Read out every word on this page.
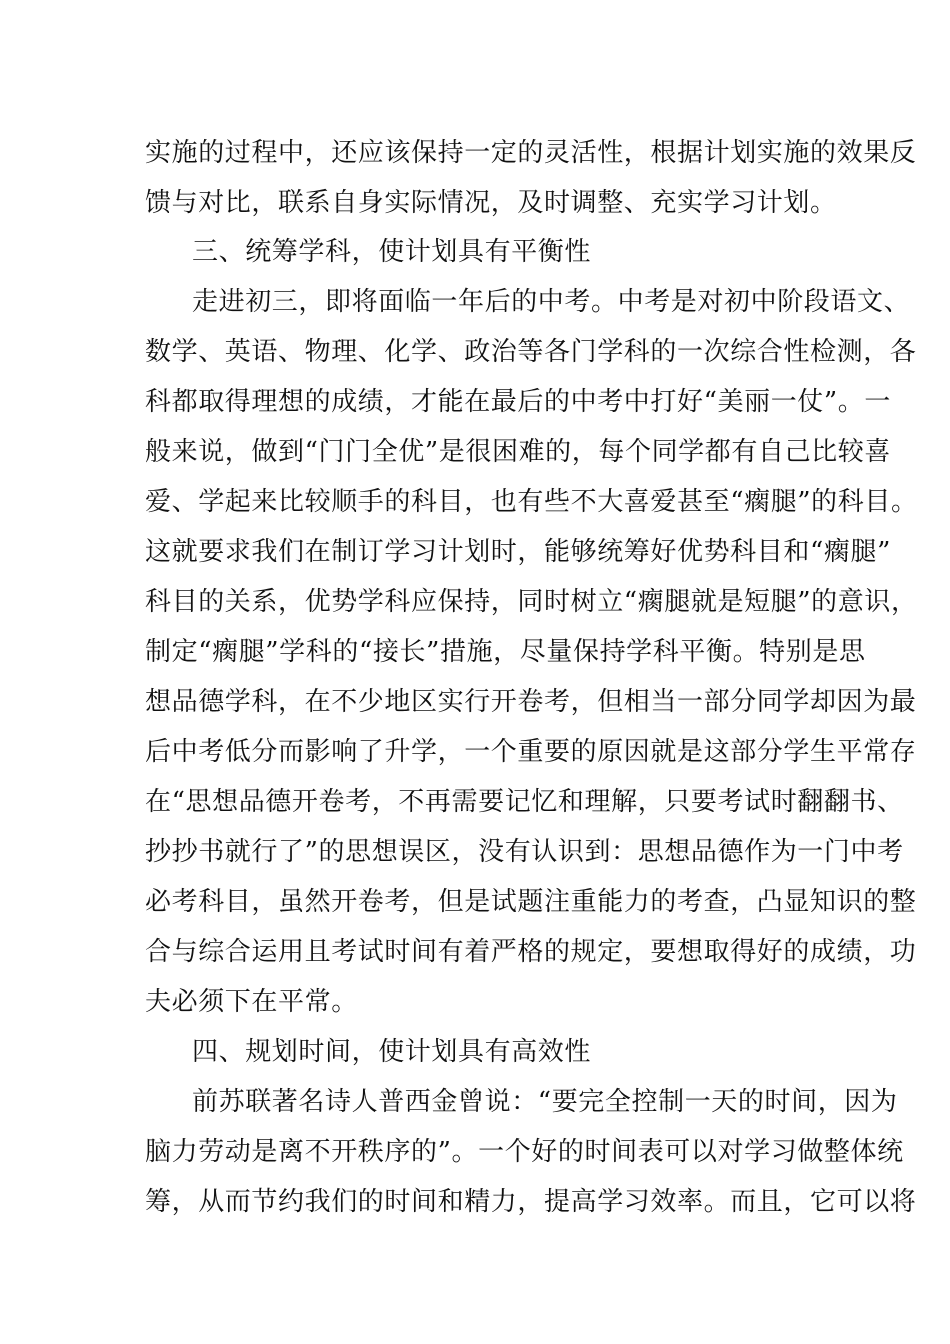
实施的过程中，还应该保持一定的灵活性，根据计划实施的效果反
馈与对比，联系自身实际情况，及时调整、充实学习计划。
三、统筹学科，使计划具有平衡性
走进初三，即将面临一年后的中考。中考是对初中阶段语文、
数学、英语、物理、化学、政治等各门学科的一次综合性检测，各
科都取得理想的成绩，才能在最后的中考中打好“美丽一仗”。一
般来说，做到“门门全优”是很困难的，每个同学都有自己比较喜
爱、学起来比较顺手的科目，也有些不大喜爱甚至“瘸腿”的科目。
这就要求我们在制订学习计划时，能够统筹好优势科目和“瘸腿”
科目的关系，优势学科应保持，同时树立“瘸腿就是短腿”的意识，
制定“瘸腿”学科的“接长”措施，尽量保持学科平衡。特别是思
想品德学科，在不少地区实行开卷考，但相当一部分同学却因为最
后中考低分而影响了升学，一个重要的原因就是这部分学生平常存
在“思想品德开卷考，不再需要记忆和理解，只要考试时翻翻书、
抄抄书就行了”的思想误区，没有认识到：思想品德作为一门中考
必考科目，虽然开卷考，但是试题注重能力的考查，凸显知识的整
合与综合运用且考试时间有着严格的规定，要想取得好的成绩，功
夫必须下在平常。
四、规划时间，使计划具有高效性
前苏联著名诗人普西金曾说：“要完全控制一天的时间，因为
脑力劳动是离不开秩序的”。一个好的时间表可以对学习做整体统
筹，从而节约我们的时间和精力，提高学习效率。而且，它可以将
